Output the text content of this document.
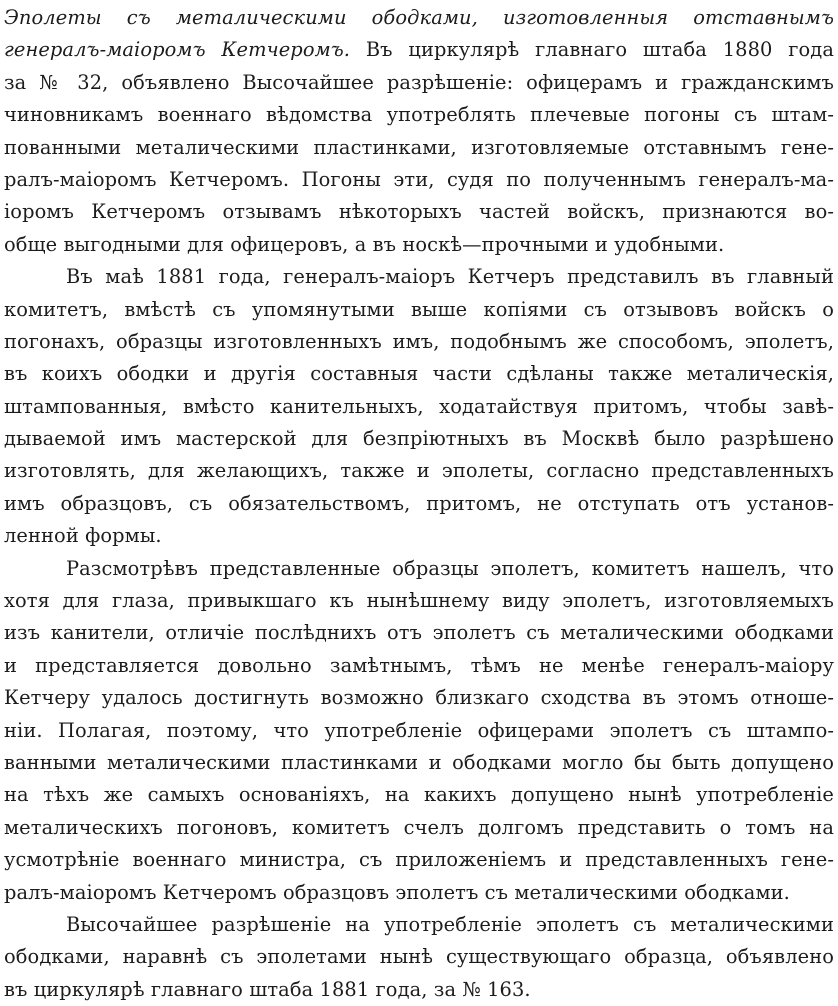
Эполеты съ металическими ободками, изготовленныя отставнымъ
генералъ-маіоромъ Кетчеромъ. Въ циркулярѣ главнаго штаба 1880 года
за № 32, объявлено Высочайшее разрѣшеніе: офицерамъ и гражданскимъ
чиновникамъ военнаго вѣдомства употреблять плечевые погоны съ штам-
пованными металическими пластинками, изготовляемые отставнымъ гене-
ралъ-маіоромъ Кетчеромъ. Погоны эти, судя по полученнымъ генералъ-ма-
іоромъ Кетчеромъ отзывамъ нѣкоторыхъ частей войскъ, признаются во-
обще выгодными для офицеровъ, а въ носкѣ—прочными и удобными.
Въ маѣ 1881 года, генералъ-маіоръ Кетчеръ представилъ въ главный
комитетъ, вмѣстѣ съ упомянутыми выше копіями съ отзывовъ войскъ о
погонахъ, образцы изготовленныхъ имъ, подобнымъ же способомъ, эполетъ,
въ коихъ ободки и другія составныя части сдѣланы также металическія,
штампованныя, вмѣсто канительныхъ, ходатайствуя притомъ, чтобы завѣ-
дываемой имъ мастерской для безпріютныхъ въ Москвѣ было разрѣшено
изготовлять, для желающихъ, также и эполеты, согласно представленныхъ
имъ образцовъ, съ обязательствомъ, притомъ, не отступать отъ установ-
ленной формы.
Разсмотрѣвъ представленные образцы эполетъ, комитетъ нашелъ, что
хотя для глаза, привыкшаго къ нынѣшнему виду эполетъ, изготовляемыхъ
изъ канители, отличіе послѣднихъ отъ эполетъ съ металическими ободками
и представляется довольно замѣтнымъ, тѣмъ не менѣе генералъ-маіору
Кетчеру удалось достигнуть возможно близкаго сходства въ этомъ отноше-
ніи. Полагая, поэтому, что употребленіе офицерами эполетъ съ штампо-
ванными металическими пластинками и ободками могло бы быть допущено
на тѣхъ же самыхъ основаніяхъ, на какихъ допущено нынѣ употребленіе
металическихъ погоновъ, комитетъ счелъ долгомъ представить о томъ на
усмотрѣніе военнаго министра, съ приложеніемъ и представленныхъ гене-
ралъ-маіоромъ Кетчеромъ образцовъ эполетъ съ металическими ободками.
Высочайшее разрѣшеніе на употребленіе эполетъ съ металическими
ободками, наравнѣ съ эполетами нынѣ существующаго образца, объявлено
въ циркулярѣ главнаго штаба 1881 года, за № 163.
